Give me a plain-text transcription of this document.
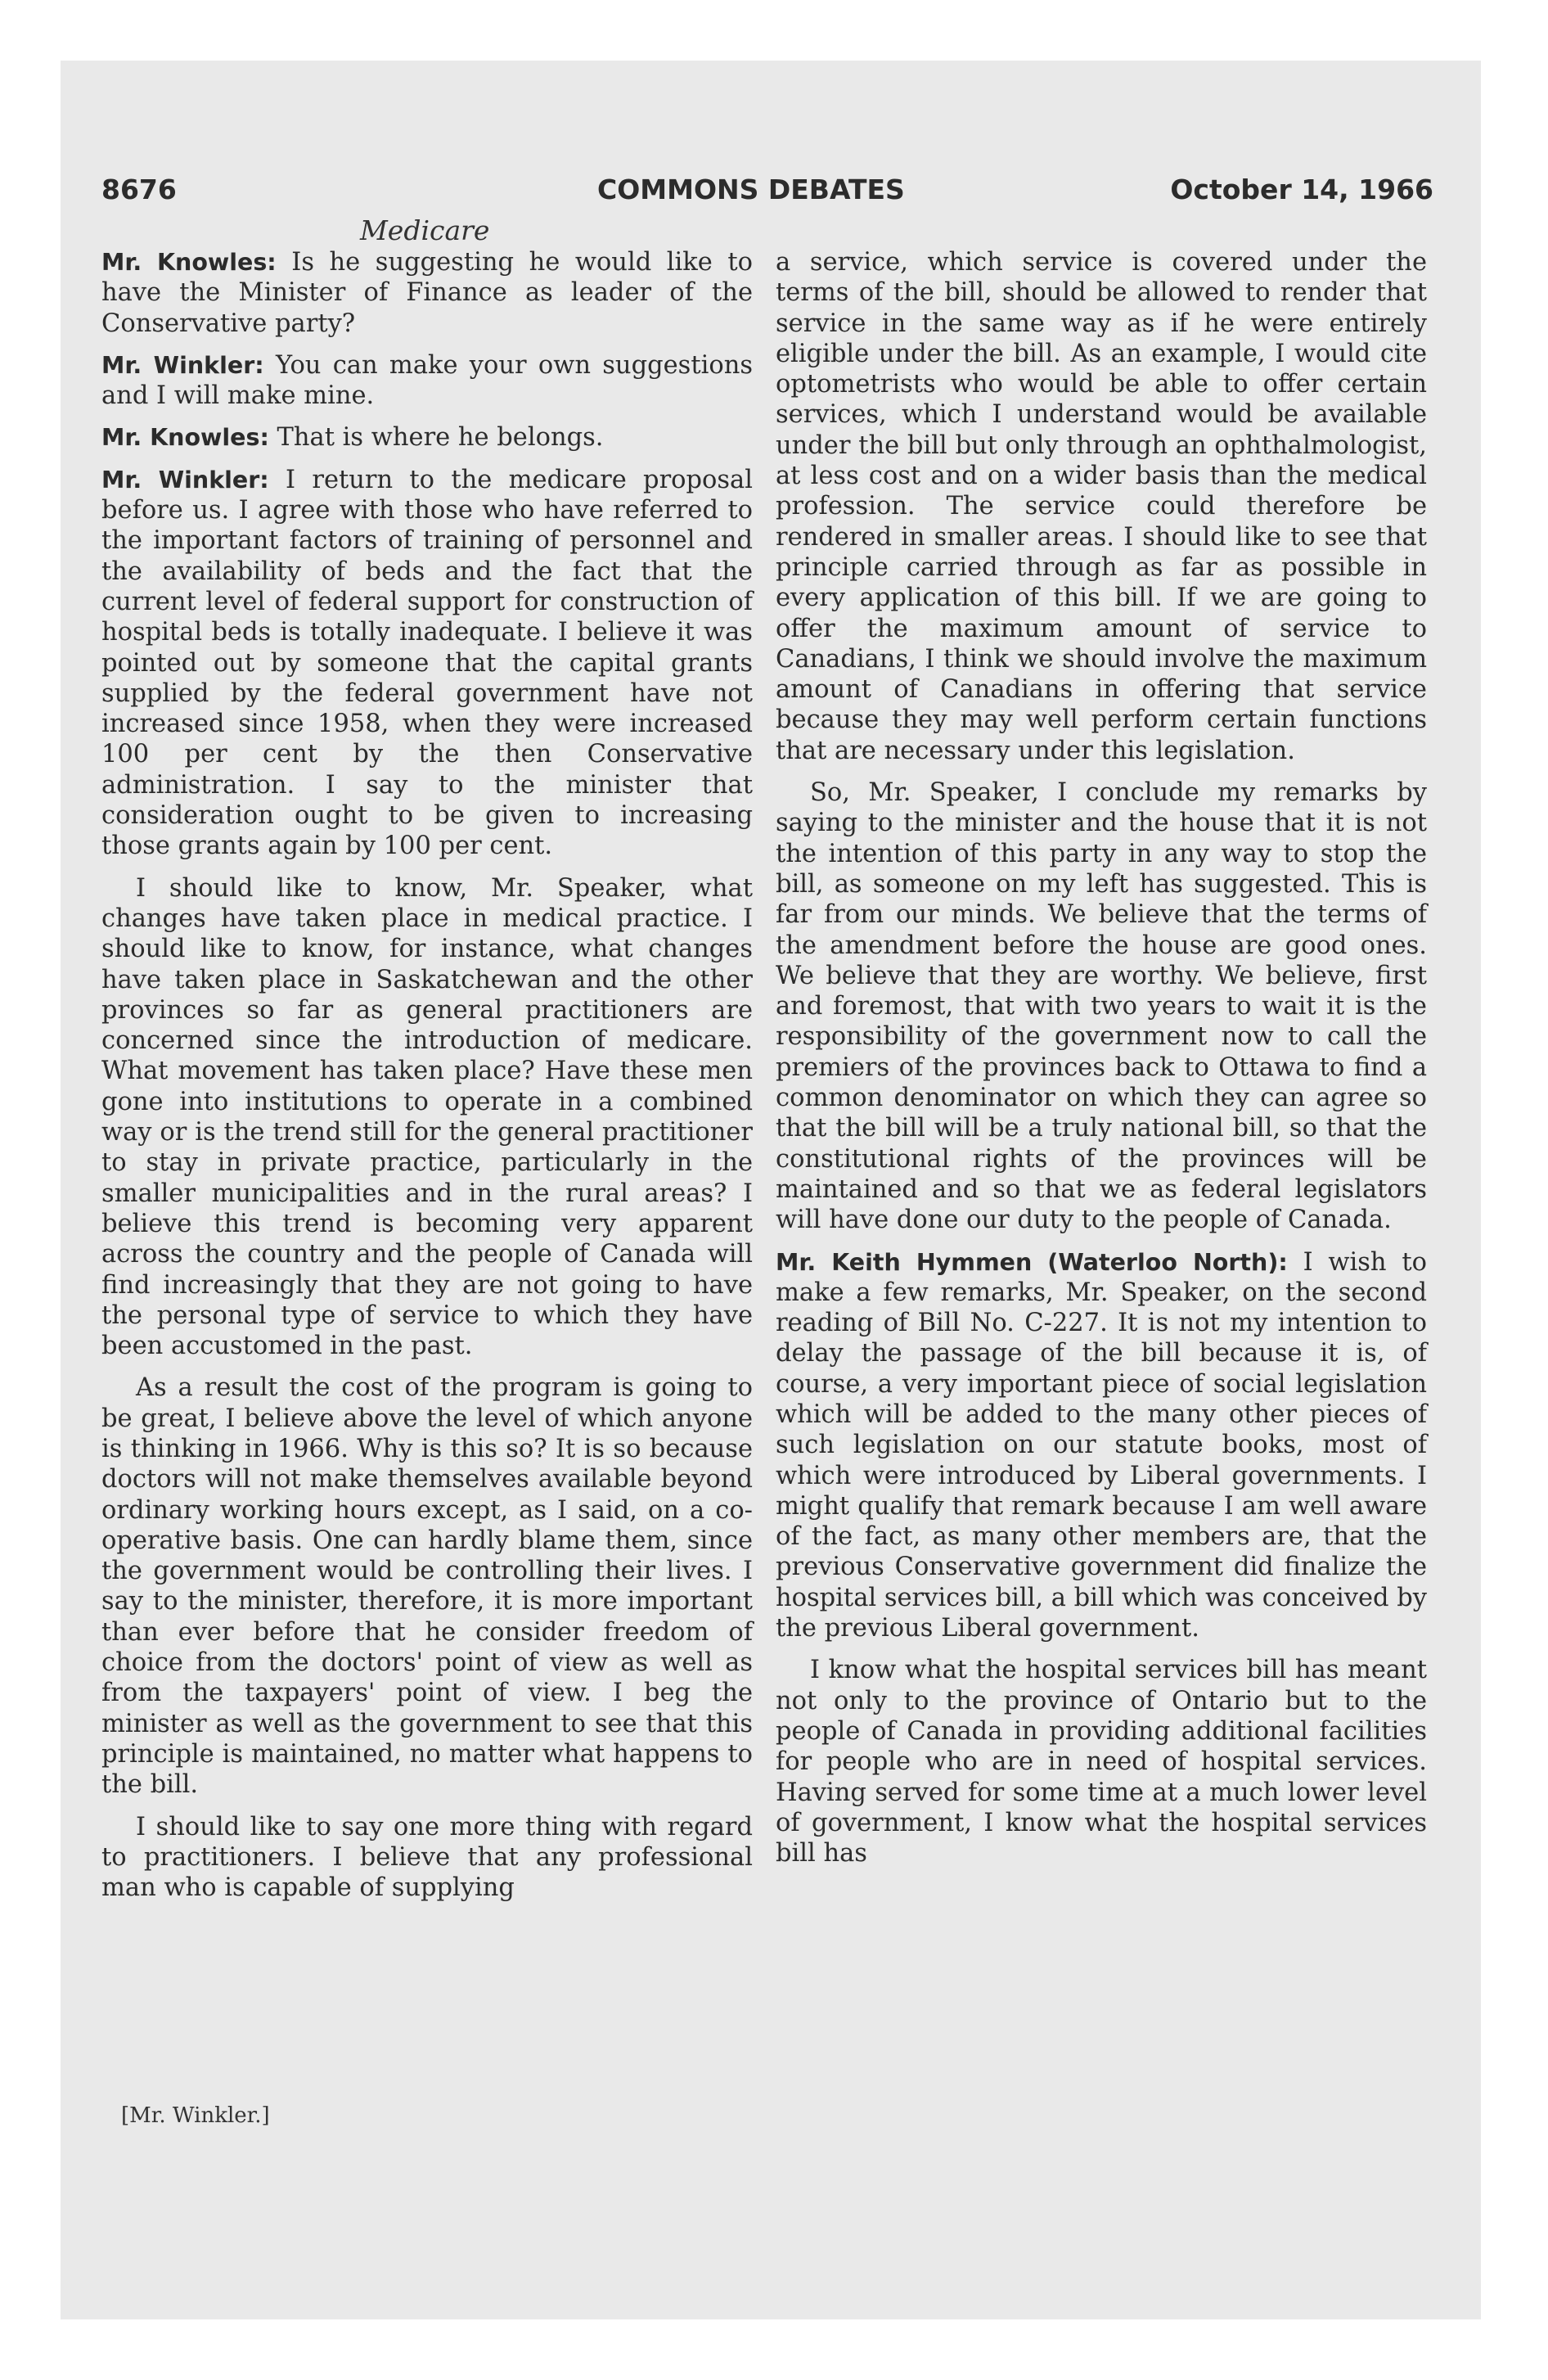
8676	COMMONS DEBATES	October 14, 1966
Medicare

Mr. Knowles: Is he suggesting he would like to have the Minister of Finance as leader of the Conservative party?

Mr. Winkler: You can make your own suggestions and I will make mine.

Mr. Knowles: That is where he belongs.

Mr. Winkler: I return to the medicare proposal before us. I agree with those who have referred to the important factors of training of personnel and the availability of beds and the fact that the current level of federal support for construction of hospital beds is totally inadequate. I believe it was pointed out by someone that the capital grants supplied by the federal government have not increased since 1958, when they were increased 100 per cent by the then Conservative administration. I say to the minister that consideration ought to be given to increasing those grants again by 100 per cent.

I should like to know, Mr. Speaker, what changes have taken place in medical practice. I should like to know, for instance, what changes have taken place in Saskatchewan and the other provinces so far as general practitioners are concerned since the introduction of medicare. What movement has taken place? Have these men gone into institutions to operate in a combined way or is the trend still for the general practitioner to stay in private practice, particularly in the smaller municipalities and in the rural areas? I believe this trend is becoming very apparent across the country and the people of Canada will find increasingly that they are not going to have the personal type of service to which they have been accustomed in the past.

As a result the cost of the program is going to be great, I believe above the level of which anyone is thinking in 1966. Why is this so? It is so because doctors will not make themselves available beyond ordinary working hours except, as I said, on a co-operative basis. One can hardly blame them, since the government would be controlling their lives. I say to the minister, therefore, it is more important than ever before that he consider freedom of choice from the doctors' point of view as well as from the taxpayers' point of view. I beg the minister as well as the government to see that this principle is maintained, no matter what happens to the bill.

I should like to say one more thing with regard to practitioners. I believe that any professional man who is capable of supplying

a service, which service is covered under the terms of the bill, should be allowed to render that service in the same way as if he were entirely eligible under the bill. As an example, I would cite optometrists who would be able to offer certain services, which I understand would be available under the bill but only through an ophthalmologist, at less cost and on a wider basis than the medical profession. The service could therefore be rendered in smaller areas. I should like to see that principle carried through as far as possible in every application of this bill. If we are going to offer the maximum amount of service to Canadians, I think we should involve the maximum amount of Canadians in offering that service because they may well perform certain functions that are necessary under this legislation.

So, Mr. Speaker, I conclude my remarks by saying to the minister and the house that it is not the intention of this party in any way to stop the bill, as someone on my left has suggested. This is far from our minds. We believe that the terms of the amendment before the house are good ones. We believe that they are worthy. We believe, first and foremost, that with two years to wait it is the responsibility of the government now to call the premiers of the provinces back to Ottawa to find a common denominator on which they can agree so that the bill will be a truly national bill, so that the constitutional rights of the provinces will be maintained and so that we as federal legislators will have done our duty to the people of Canada.

Mr. Keith Hymmen (Waterloo North): I wish to make a few remarks, Mr. Speaker, on the second reading of Bill No. C-227. It is not my intention to delay the passage of the bill because it is, of course, a very important piece of social legislation which will be added to the many other pieces of such legislation on our statute books, most of which were introduced by Liberal governments. I might qualify that remark because I am well aware of the fact, as many other members are, that the previous Conservative government did finalize the hospital services bill, a bill which was conceived by the previous Liberal government.

I know what the hospital services bill has meant not only to the province of Ontario but to the people of Canada in providing additional facilities for people who are in need of hospital services. Having served for some time at a much lower level of government, I know what the hospital services bill has

[Mr. Winkler.]
